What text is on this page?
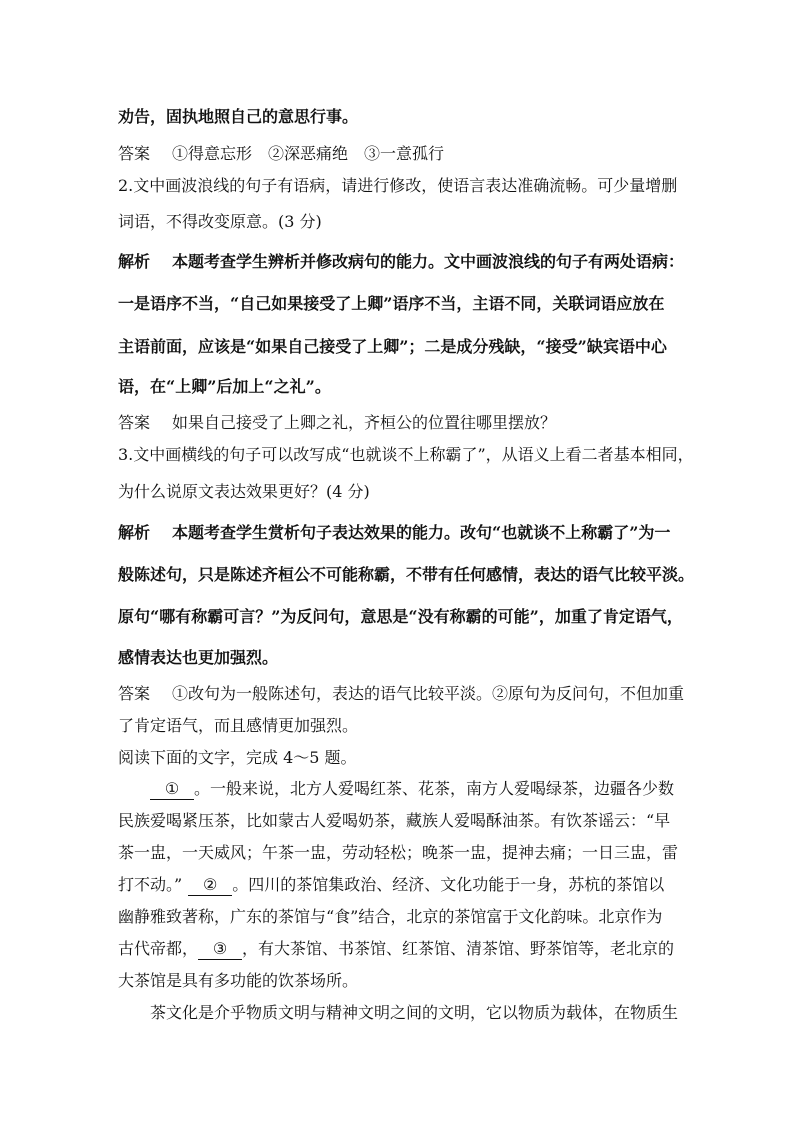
劝告，固执地照自己的意思行事。
答案 ①得意忘形　②深恶痛绝　③一意孤行
2.文中画波浪线的句子有语病，请进行修改，使语言表达准确流畅。可少量增删
词语，不得改变原意。(3 分)
解析 本题考查学生辨析并修改病句的能力。文中画波浪线的句子有两处语病：
一是语序不当，“自己如果接受了上卿”语序不当，主语不同，关联词语应放在
主语前面，应该是“如果自己接受了上卿”；二是成分残缺，“接受”缺宾语中心
语，在“上卿”后加上“之礼”。
答案 如果自己接受了上卿之礼，齐桓公的位置往哪里摆放？
3.文中画横线的句子可以改写成“也就谈不上称霸了”，从语义上看二者基本相同，
为什么说原文表达效果更好？(4 分)
解析 本题考查学生赏析句子表达效果的能力。改句“也就谈不上称霸了”为一
般陈述句，只是陈述齐桓公不可能称霸，不带有任何感情，表达的语气比较平淡。
原句“哪有称霸可言？”为反问句，意思是“没有称霸的可能”，加重了肯定语气，
感情表达也更加强烈。
答案 ①改句为一般陈述句，表达的语气比较平淡。②原句为反问句，不但加重
了肯定语气，而且感情更加强烈。
阅读下面的文字，完成 4～5 题。
① 。一般来说，北方人爱喝红茶、花茶，南方人爱喝绿茶，边疆各少数
民族爱喝紧压茶，比如蒙古人爱喝奶茶，藏族人爱喝酥油茶。有饮茶谣云：“早
茶一盅，一天威风；午茶一盅，劳动轻松；晚茶一盅，提神去痛；一日三盅，雷
打不动。” ② 。四川的茶馆集政治、经济、文化功能于一身，苏杭的茶馆以
幽静雅致著称，广东的茶馆与“食”结合，北京的茶馆富于文化韵味。北京作为
古代帝都， ③ ，有大茶馆、书茶馆、红茶馆、清茶馆、野茶馆等，老北京的
大茶馆是具有多功能的饮茶场所。
茶文化是介乎物质文明与精神文明之间的文明，它以物质为载体，在物质生
